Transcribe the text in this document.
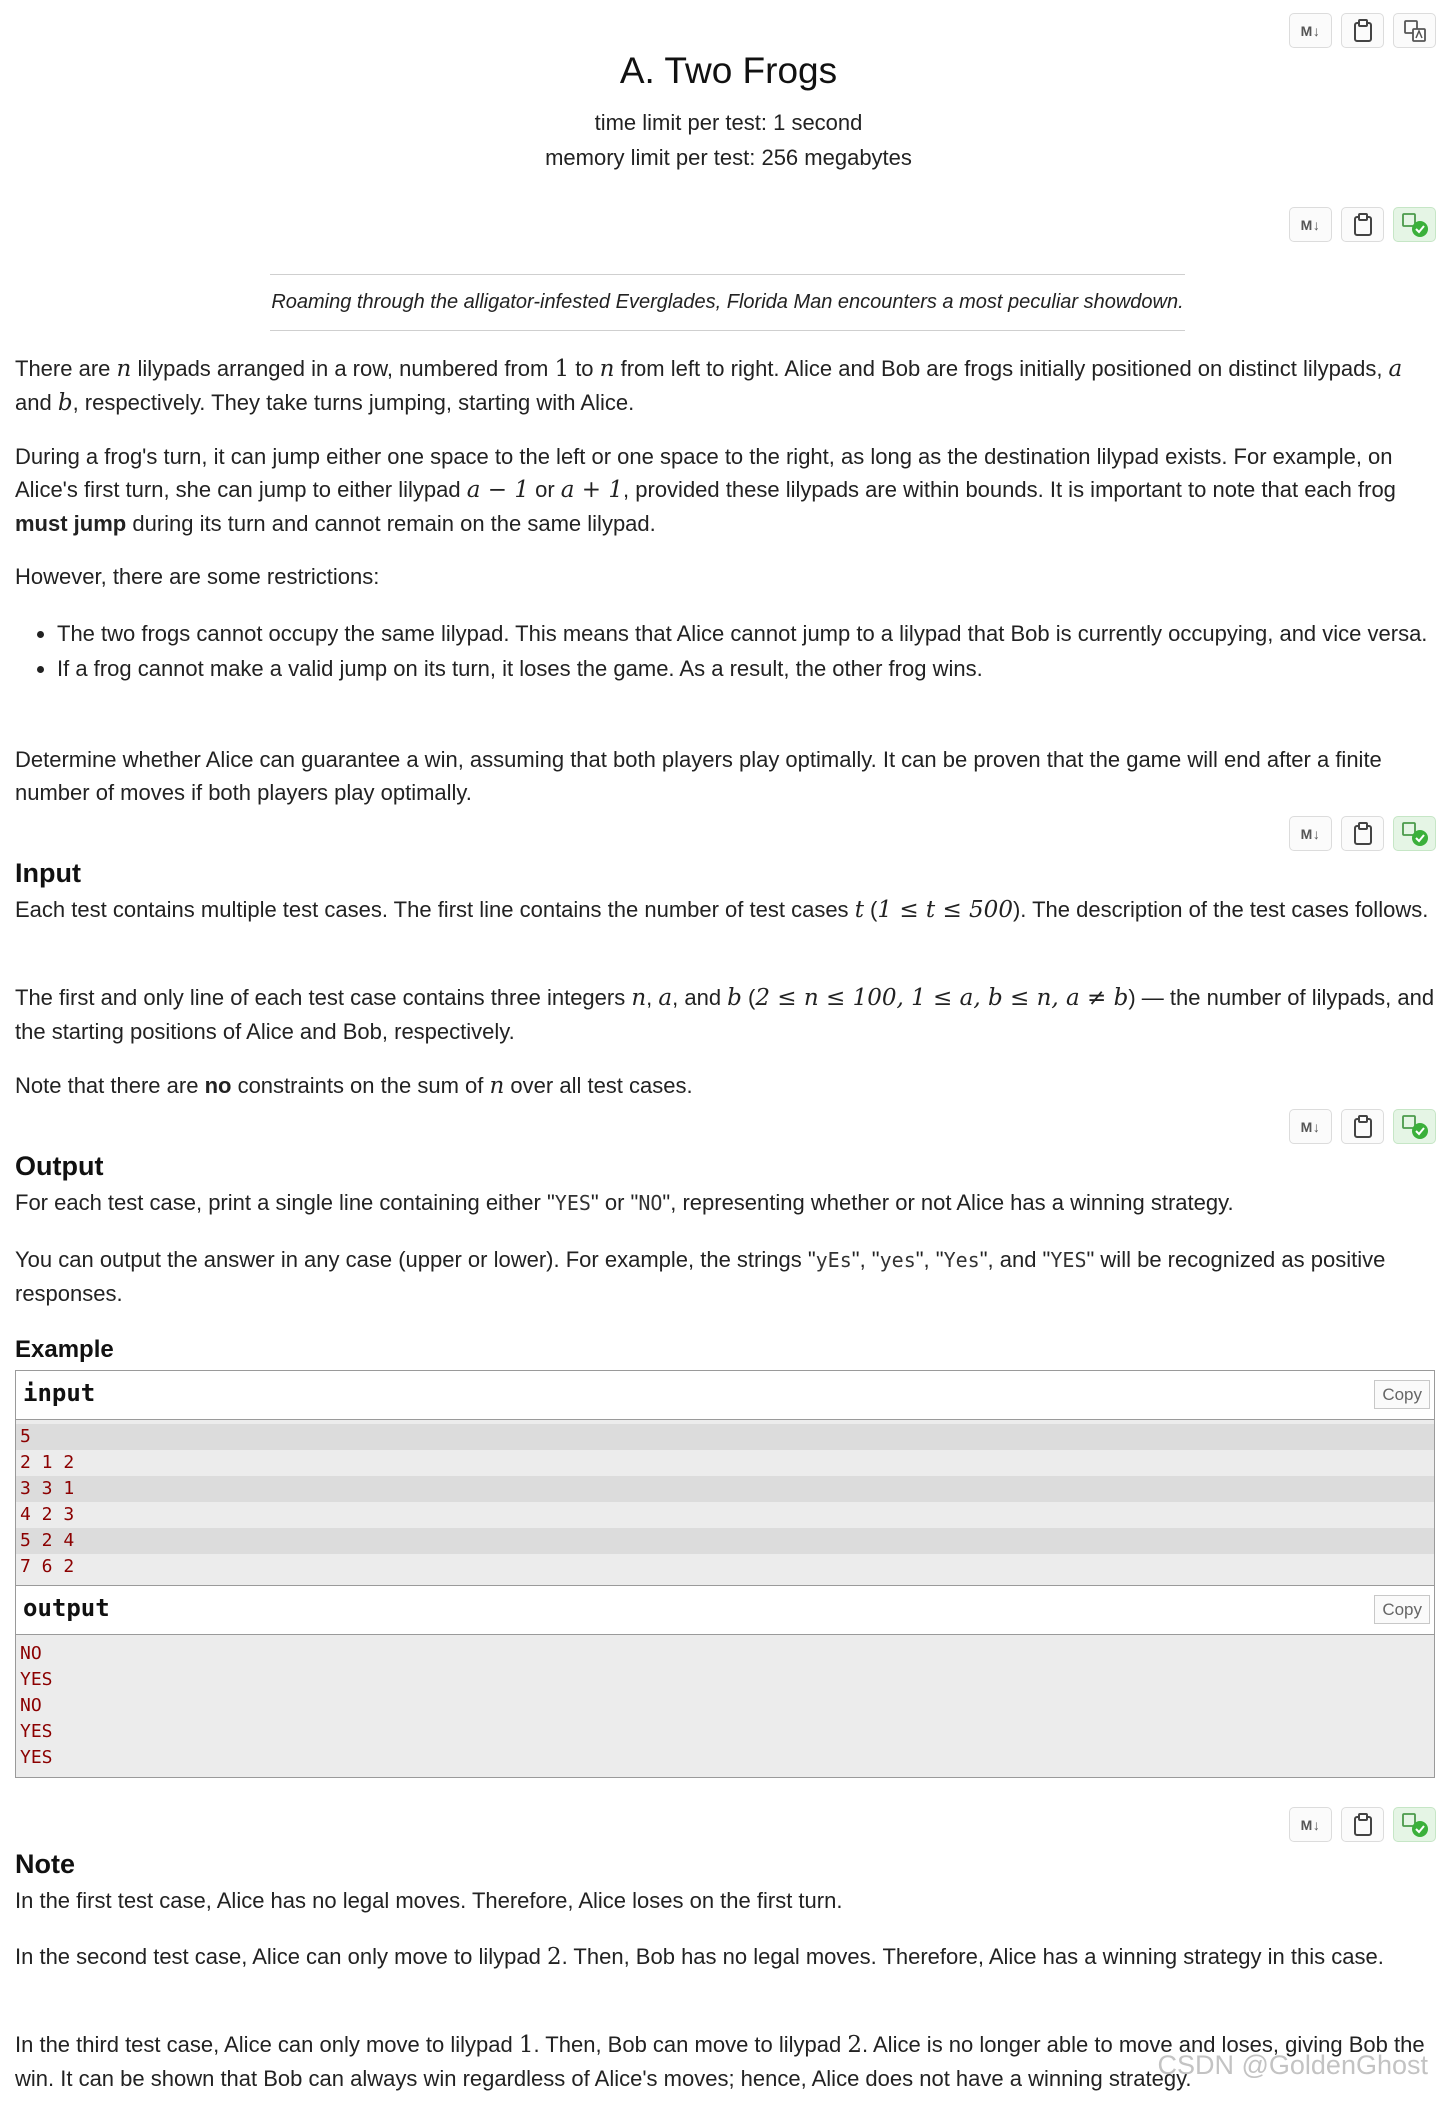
M↓
A. Two Frogs
time limit per test: 1 second
memory limit per test: 256 megabytes
M↓
Roaming through the alligator-infested Everglades, Florida Man encounters a most peculiar showdown.

There are n lilypads arranged in a row, numbered from 1 to n from left to right. Alice and Bob are frogs initially positioned on distinct lilypads, a and b, respectively. They take turns jumping, starting with Alice.

During a frog's turn, it can jump either one space to the left or one space to the right, as long as the destination lilypad exists. For example, on Alice's first turn, she can jump to either lilypad a − 1 or a + 1, provided these lilypads are within bounds. It is important to note that each frog must jump during its turn and cannot remain on the same lilypad.

However, there are some restrictions:

• The two frogs cannot occupy the same lilypad. This means that Alice cannot jump to a lilypad that Bob is currently occupying, and vice versa.
• If a frog cannot make a valid jump on its turn, it loses the game. As a result, the other frog wins.

Determine whether Alice can guarantee a win, assuming that both players play optimally. It can be proven that the game will end after a finite number of moves if both players play optimally.

M↓
Input

Each test contains multiple test cases. The first line contains the number of test cases t (1 ≤ t ≤ 500). The description of the test cases follows.

The first and only line of each test case contains three integers n, a, and b (2 ≤ n ≤ 100, 1 ≤ a, b ≤ n, a ≠ b) — the number of lilypads, and the starting positions of Alice and Bob, respectively.

Note that there are no constraints on the sum of n over all test cases.

M↓
Output

For each test case, print a single line containing either "YES" or "NO", representing whether or not Alice has a winning strategy.

You can output the answer in any case (upper or lower). For example, the strings "yEs", "yes", "Yes", and "YES" will be recognized as positive responses.

Example
input	Copy
5
2 1 2
3 3 1
4 2 3
5 2 4
7 6 2
output	Copy
NO
YES
NO
YES
YES
M↓
Note

In the first test case, Alice has no legal moves. Therefore, Alice loses on the first turn.

In the second test case, Alice can only move to lilypad 2. Then, Bob has no legal moves. Therefore, Alice has a winning strategy in this case.

In the third test case, Alice can only move to lilypad 1. Then, Bob can move to lilypad 2. Alice is no longer able to move and loses, giving Bob the win. It can be shown that Bob can always win regardless of Alice's moves; hence, Alice does not have a winning strategy.

CSDN @GoldenGhost
